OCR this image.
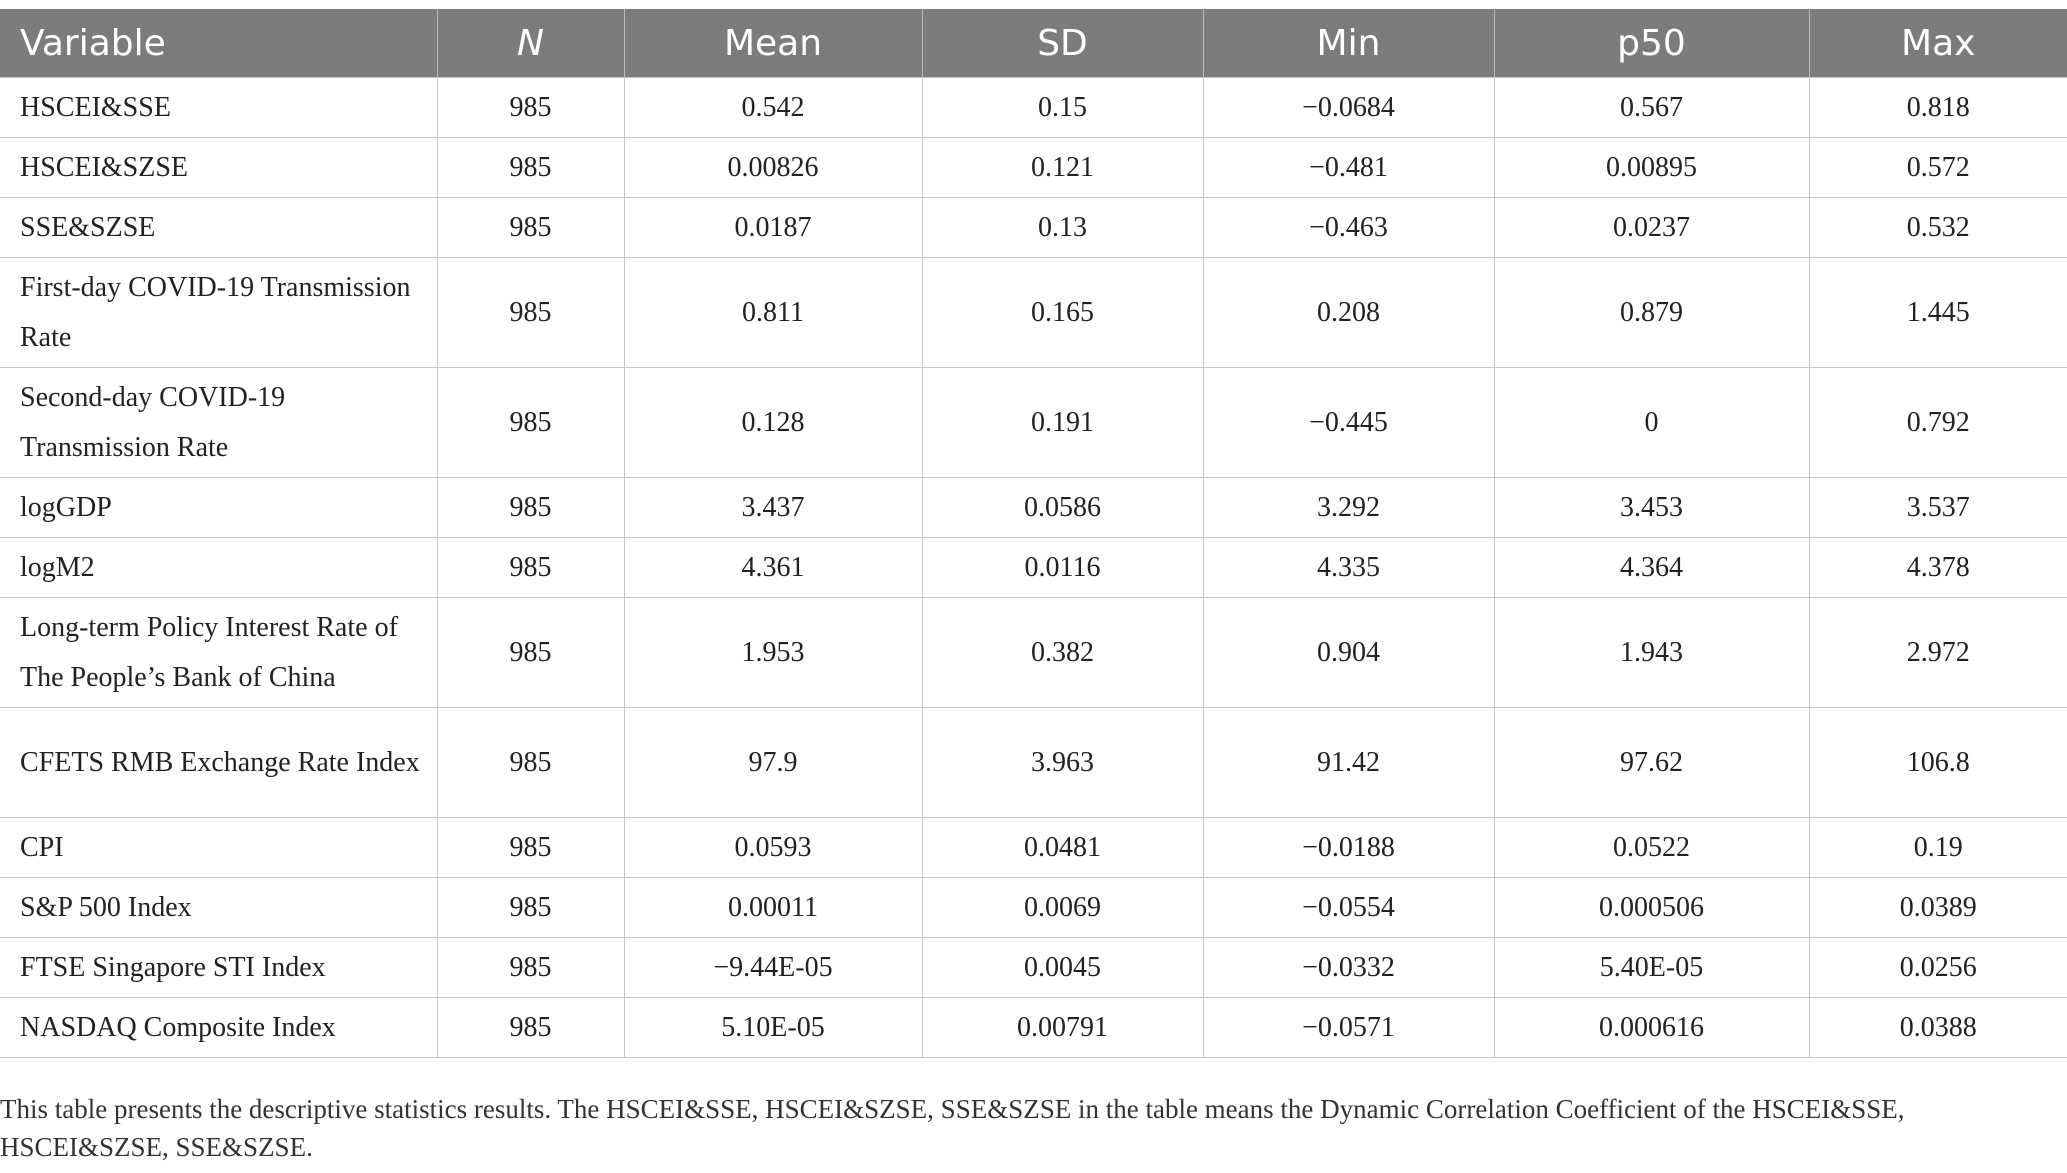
Variable	N	Mean	SD	Min	p50	Max
HSCEI&SSE	985	0.542	0.15	−0.0684	0.567	0.818
HSCEI&SZSE	985	0.00826	0.121	−0.481	0.00895	0.572
SSE&SZSE	985	0.0187	0.13	−0.463	0.0237	0.532
First-day COVID-19 Transmission Rate	985	0.811	0.165	0.208	0.879	1.445
Second-day COVID-19 Transmission Rate	985	0.128	0.191	−0.445	0	0.792
logGDP	985	3.437	0.0586	3.292	3.453	3.537
logM2	985	4.361	0.0116	4.335	4.364	4.378
Long-term Policy Interest Rate of The People’s Bank of China	985	1.953	0.382	0.904	1.943	2.972
CFETS RMB Exchange Rate Index	985	97.9	3.963	91.42	97.62	106.8
CPI	985	0.0593	0.0481	−0.0188	0.0522	0.19
S&P 500 Index	985	0.00011	0.0069	−0.0554	0.000506	0.0389
FTSE Singapore STI Index	985	−9.44E-05	0.0045	−0.0332	5.40E-05	0.0256
NASDAQ Composite Index	985	5.10E-05	0.00791	−0.0571	0.000616	0.0388

This table presents the descriptive statistics results. The HSCEI&SSE, HSCEI&SZSE, SSE&SZSE in the table means the Dynamic Correlation Coefficient of the HSCEI&SSE, HSCEI&SZSE, SSE&SZSE.
